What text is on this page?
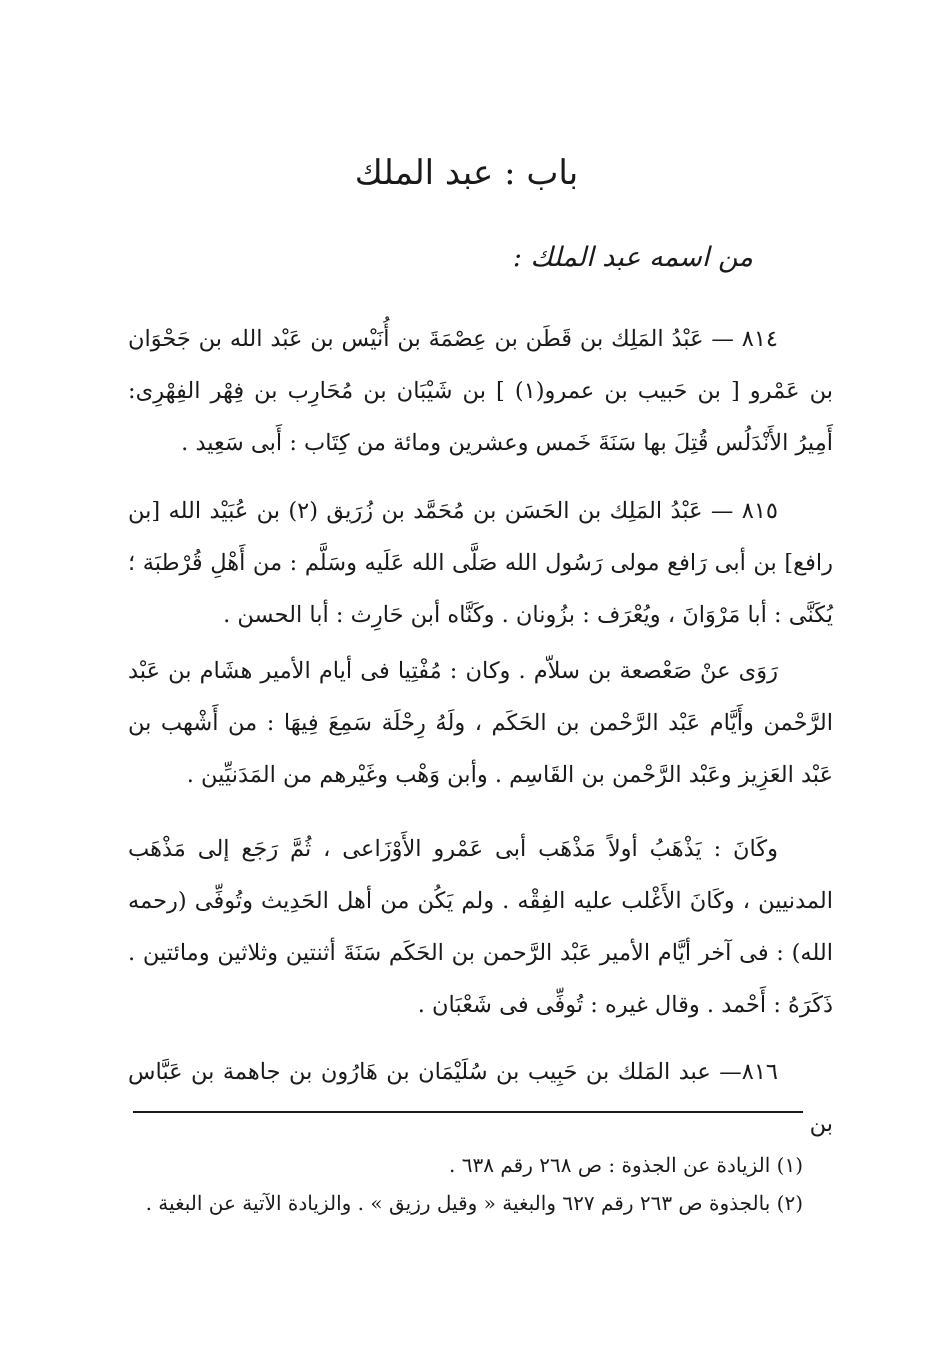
باب : عبد الملك
من اسمه عبد الملك :

٨١٤ — عَبْدُ المَلِك بن قَطَن بن عِصْمَةَ بن أُنَيْس بن عَبْد الله بن جَحْوَان بن عَمْرو [ بن حَبيب بن عمرو(١) ] بن شَيْبَان بن مُحَارِب بن فِهْر الفِهْرِى: أَمِيرُ الأَنْدَلُس قُتِلَ بها سَنَةَ خَمس وعشرين ومائة من كِتَاب : أَبى سَعِيد .

٨١٥ — عَبْدُ المَلِك بن الحَسَن بن مُحَمَّد بن زُرَيق (٢) بن عُبَيْد الله [بن رافع] بن أبى رَافع مولى رَسُول الله صَلَّى الله عَلَيه وسَلَّم : من أَهْلِ قُرْطبَة ؛ يُكَنَّى : أبا مَرْوَانَ ، ويُعْرَف : بزُونان . وكَنَّاه أبن حَارِث : أبا الحسن .

رَوَى عنْ صَعْصعة بن سلاّم . وكان : مُفْتِيا فى أيام الأمير هشَام بن عَبْد الرَّحْمن وأَيَّام عَبْد الرَّحْمن بن الحَكَم ، ولَهُ رِحْلَة سَمِعَ فِيهَا : من أَشْهب بن عَبْد العَزِيز وعَبْد الرَّحْمن بن القَاسِم . وأبن وَهْب وغَيْرهم من المَدَنيِّين .

وكَانَ : يَذْهَبُ أولاً مَذْهَب أبى عَمْرو الأَوْزَاعى ، ثُمَّ رَجَع إلى مَذْهَب المدنيين ، وكَانَ الأَغْلب عليه الفِقْه . ولم يَكُن من أهل الحَدِيث وتُوفِّى (رحمه الله) : فى آخر أيَّام الأمير عَبْد الرَّحمن بن الحَكَم سَنَةَ أثنتين وثلاثين ومائتين . ذَكَرَهُ : أَحْمد . وقال غيره : تُوفِّى فى شَعْبَان .

٨١٦— عبد المَلك بن حَبِيب بن سُلَيْمَان بن هَارُون بن جاهمة بن عَبَّاس بن

(١) الزيادة عن الجذوة : ص ٢٦٨ رقم ٦٣٨ .

(٢) بالجذوة ص ٢٦٣ رقم ٦٢٧ والبغية « وقيل رزيق » . والزيادة الآتية عن البغية .
